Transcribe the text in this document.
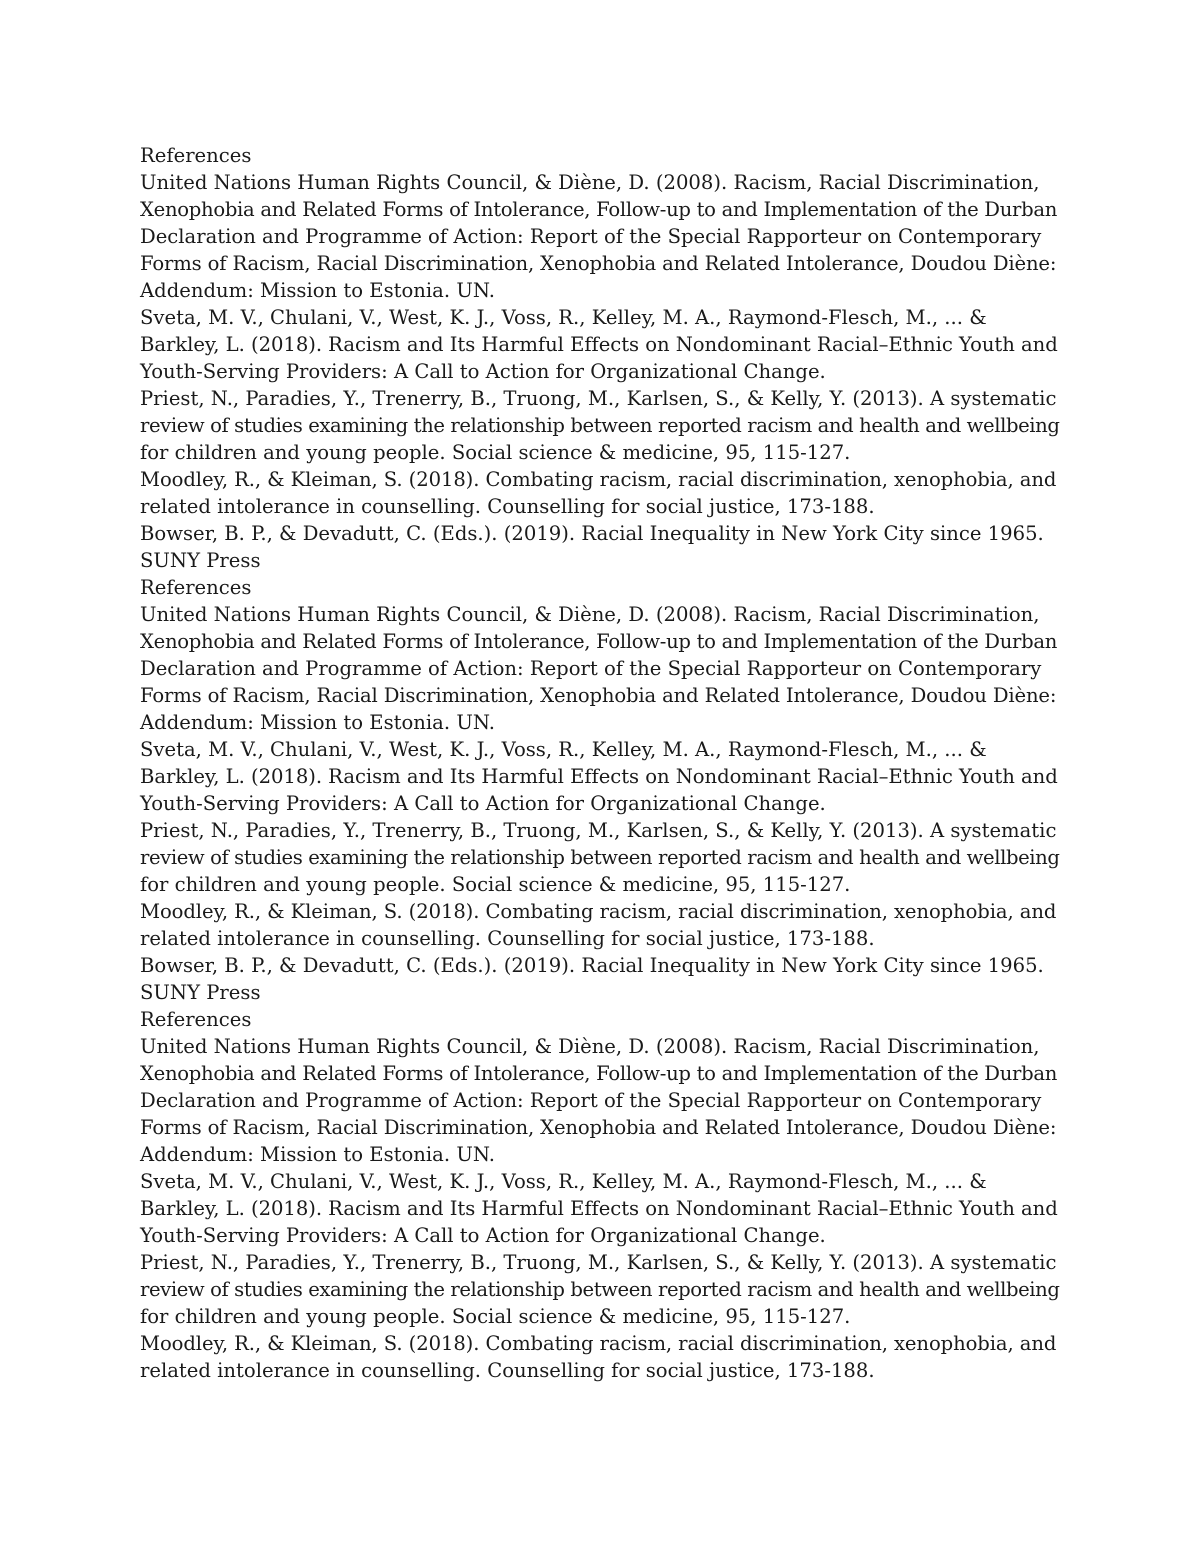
References
United Nations Human Rights Council, & Diène, D. (2008). Racism, Racial Discrimination,
Xenophobia and Related Forms of Intolerance, Follow-up to and Implementation of the Durban
Declaration and Programme of Action: Report of the Special Rapporteur on Contemporary
Forms of Racism, Racial Discrimination, Xenophobia and Related Intolerance, Doudou Diène:
Addendum: Mission to Estonia. UN.
Sveta, M. V., Chulani, V., West, K. J., Voss, R., Kelley, M. A., Raymond-Flesch, M., ... &
Barkley, L. (2018). Racism and Its Harmful Effects on Nondominant Racial–Ethnic Youth and
Youth-Serving Providers: A Call to Action for Organizational Change.
Priest, N., Paradies, Y., Trenerry, B., Truong, M., Karlsen, S., & Kelly, Y. (2013). A systematic
review of studies examining the relationship between reported racism and health and wellbeing
for children and young people. Social science & medicine, 95, 115-127.
Moodley, R., & Kleiman, S. (2018). Combating racism, racial discrimination, xenophobia, and
related intolerance in counselling. Counselling for social justice, 173-188.
Bowser, B. P., & Devadutt, C. (Eds.). (2019). Racial Inequality in New York City since 1965.
SUNY Press
References
United Nations Human Rights Council, & Diène, D. (2008). Racism, Racial Discrimination,
Xenophobia and Related Forms of Intolerance, Follow-up to and Implementation of the Durban
Declaration and Programme of Action: Report of the Special Rapporteur on Contemporary
Forms of Racism, Racial Discrimination, Xenophobia and Related Intolerance, Doudou Diène:
Addendum: Mission to Estonia. UN.
Sveta, M. V., Chulani, V., West, K. J., Voss, R., Kelley, M. A., Raymond-Flesch, M., ... &
Barkley, L. (2018). Racism and Its Harmful Effects on Nondominant Racial–Ethnic Youth and
Youth-Serving Providers: A Call to Action for Organizational Change.
Priest, N., Paradies, Y., Trenerry, B., Truong, M., Karlsen, S., & Kelly, Y. (2013). A systematic
review of studies examining the relationship between reported racism and health and wellbeing
for children and young people. Social science & medicine, 95, 115-127.
Moodley, R., & Kleiman, S. (2018). Combating racism, racial discrimination, xenophobia, and
related intolerance in counselling. Counselling for social justice, 173-188.
Bowser, B. P., & Devadutt, C. (Eds.). (2019). Racial Inequality in New York City since 1965.
SUNY Press
References
United Nations Human Rights Council, & Diène, D. (2008). Racism, Racial Discrimination,
Xenophobia and Related Forms of Intolerance, Follow-up to and Implementation of the Durban
Declaration and Programme of Action: Report of the Special Rapporteur on Contemporary
Forms of Racism, Racial Discrimination, Xenophobia and Related Intolerance, Doudou Diène:
Addendum: Mission to Estonia. UN.
Sveta, M. V., Chulani, V., West, K. J., Voss, R., Kelley, M. A., Raymond-Flesch, M., ... &
Barkley, L. (2018). Racism and Its Harmful Effects on Nondominant Racial–Ethnic Youth and
Youth-Serving Providers: A Call to Action for Organizational Change.
Priest, N., Paradies, Y., Trenerry, B., Truong, M., Karlsen, S., & Kelly, Y. (2013). A systematic
review of studies examining the relationship between reported racism and health and wellbeing
for children and young people. Social science & medicine, 95, 115-127.
Moodley, R., & Kleiman, S. (2018). Combating racism, racial discrimination, xenophobia, and
related intolerance in counselling. Counselling for social justice, 173-188.
